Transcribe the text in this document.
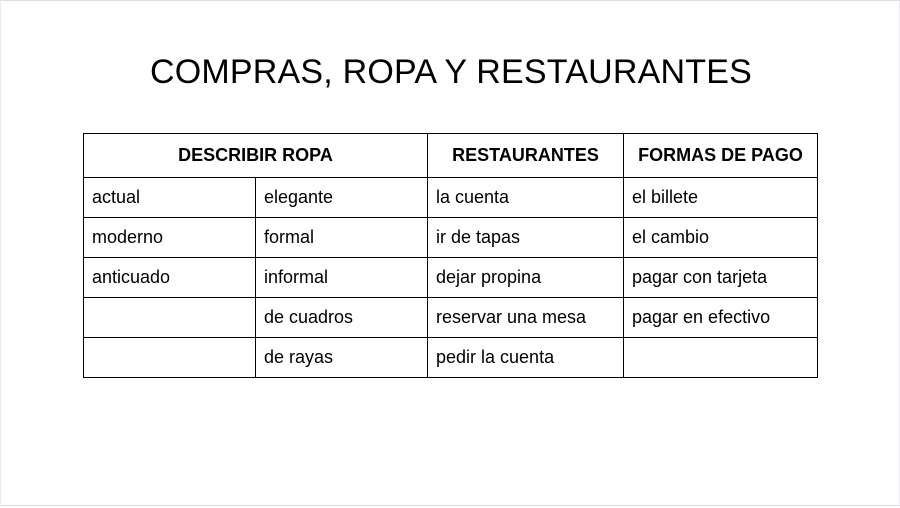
COMPRAS, ROPA Y RESTAURANTES
DESCRIBIR ROPA		RESTAURANTES	FORMAS DE PAGO
actual	elegante	la cuenta	el billete
moderno	formal	ir de tapas	el cambio
anticuado	informal	dejar propina	pagar con tarjeta
	de cuadros	reservar una mesa	pagar en efectivo
	de rayas	pedir la cuenta	
